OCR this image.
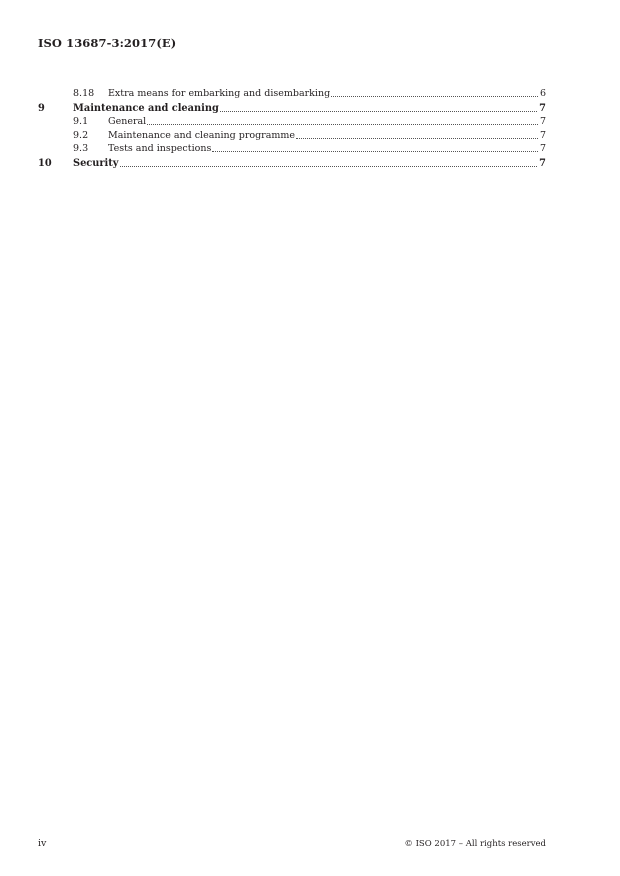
ISO 13687-3:2017(E)
8.18	Extra means for embarking and disembarking	6
9	Maintenance and cleaning	7
9.1	General	7
9.2	Maintenance and cleaning programme	7
9.3	Tests and inspections	7
10	Security	7
iv	© ISO 2017 – All rights reserved
